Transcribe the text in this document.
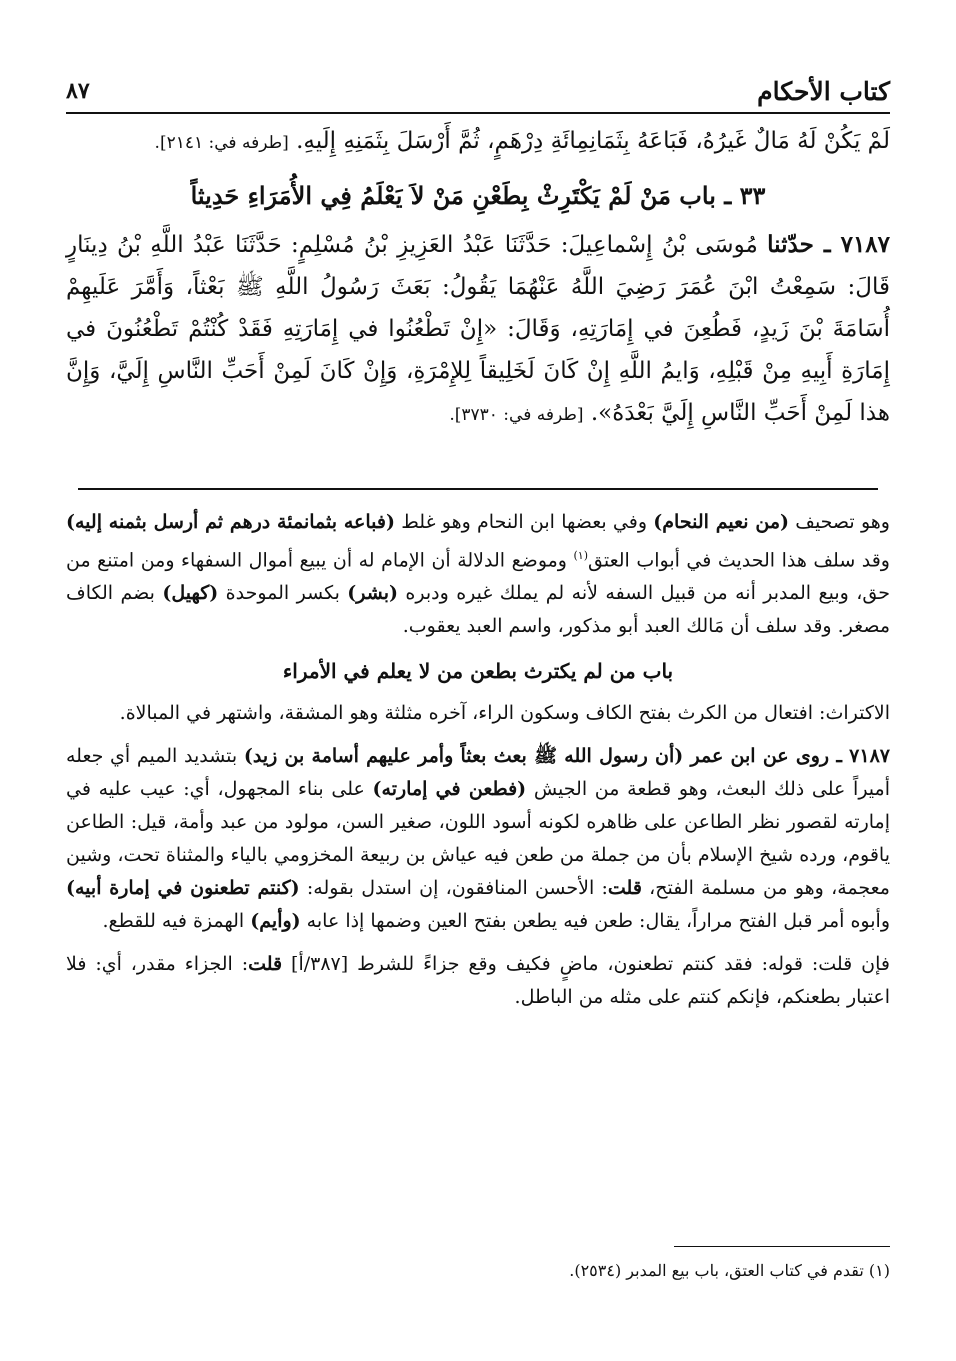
كتاب الأحكام
٨٧

لَمْ يَكُنْ لَهُ مَالٌ غَيرُهُ، فَبَاعَهُ بِثَمَانِمِائَةِ دِرْهَمٍ، ثُمَّ أَرْسَلَ بِثَمَنِهِ إِلَيهِ. [طرفه في: ٢١٤١].

٣٣ ـ باب مَنْ لَمْ يَكْتَرِثْ بِطَعْنِ مَنْ لاَ يَعْلَمُ فِي الأُمَرَاءِ حَدِيثاً

٧١٨٧ ـ حدّثنا مُوسَى بْنُ إِسْماعِيلَ: حَدَّثَنَا عَبْدُ العَزِيزِ بْنُ مُسْلِمٍ: حَدَّثَنَا عَبْدُ اللَّهِ بْنُ دِينَارٍ قَالَ: سَمِعْتُ ابْنَ عُمَرَ رَضِيَ اللَّهُ عَنْهُمَا يَقُولُ: بَعَثَ رَسُولُ اللَّهِ ﷺ بَعْثاً، وَأَمَّرَ عَلَيهِمْ أُسَامَةَ بْنَ زَيدٍ، فَطُعِنَ في إِمَارَتِهِ، وَقَالَ: «إِنْ تَطْعُنُوا في إِمَارَتِهِ فَقَدْ كُنْتُمْ تَطْعُنُونَ في إِمَارَةِ أَبِيهِ مِنْ قَبْلِهِ، وَايمُ اللَّهِ إِنْ كَانَ لَخَلِيقاً لِلإِمْرَةِ، وَإِنْ كَانَ لَمِنْ أَحَبِّ النَّاسِ إِلَيَّ، وَإِنَّ هذا لَمِنْ أَحَبِّ النَّاسِ إِلَيَّ بَعْدَهُ». [طرفه في: ٣٧٣٠].

وهو تصحيف (من نعيم النحام) وفي بعضها ابن النحام وهو غلط (فباعه بثمانمئة درهم ثم أرسل بثمنه إليه) وقد سلف هذا الحديث في أبواب العتق$^{(١)}$ وموضع الدلالة أن الإمام له أن يبيع أموال السفهاء ومن امتنع من حق، وبيع المدبر أنه من قبيل السفه لأنه لم يملك غيره ودبره (بشر) بكسر الموحدة (كهيل) بضم الكاف مصغر. وقد سلف أن مَالك العبد أبو مذكور، واسم العبد يعقوب.

باب من لم يكترث بطعن من لا يعلم في الأمراء

الاكتراث: افتعال من الكرث بفتح الكاف وسكون الراء، آخره مثلثة وهو المشقة، واشتهر في المبالاة.

٧١٨٧ ـ روى عن ابن عمر (أن رسول الله ﷺ بعث بعثاً وأمر عليهم أسامة بن زيد) بتشديد الميم أي جعله أميراً على ذلك البعث، وهو قطعة من الجيش (فطعن في إمارته) على بناء المجهول، أي: عيب عليه في إمارته لقصور نظر الطاعن على ظاهره لكونه أسود اللون، صغير السن، مولود من عبد وأمة، قيل: الطاعن ياقوم، ورده شيخ الإسلام بأن من جملة من طعن فيه عياش بن ربيعة المخزومي بالياء والمثناة تحت، وشين معجمة، وهو من مسلمة الفتح، قلت: الأحسن المنافقون، إن استدل بقوله: (كنتم تطعنون في إمارة أبيه) وأبوه أمر قبل الفتح مراراً، يقال: طعن فيه يطعن بفتح العين وضمها إذا عابه (وأيم) الهمزة فيه للقطع.

فإن قلت: قوله: فقد كنتم تطعنون، ماضٍ فكيف وقع جزاءً للشرط [٣٨٧/أ] قلت: الجزاء مقدر، أي: فلا اعتبار بطعنكم، فإنكم كنتم على مثله من الباطل.

(١) تقدم في كتاب العتق، باب بيع المدبر (٢٥٣٤).
